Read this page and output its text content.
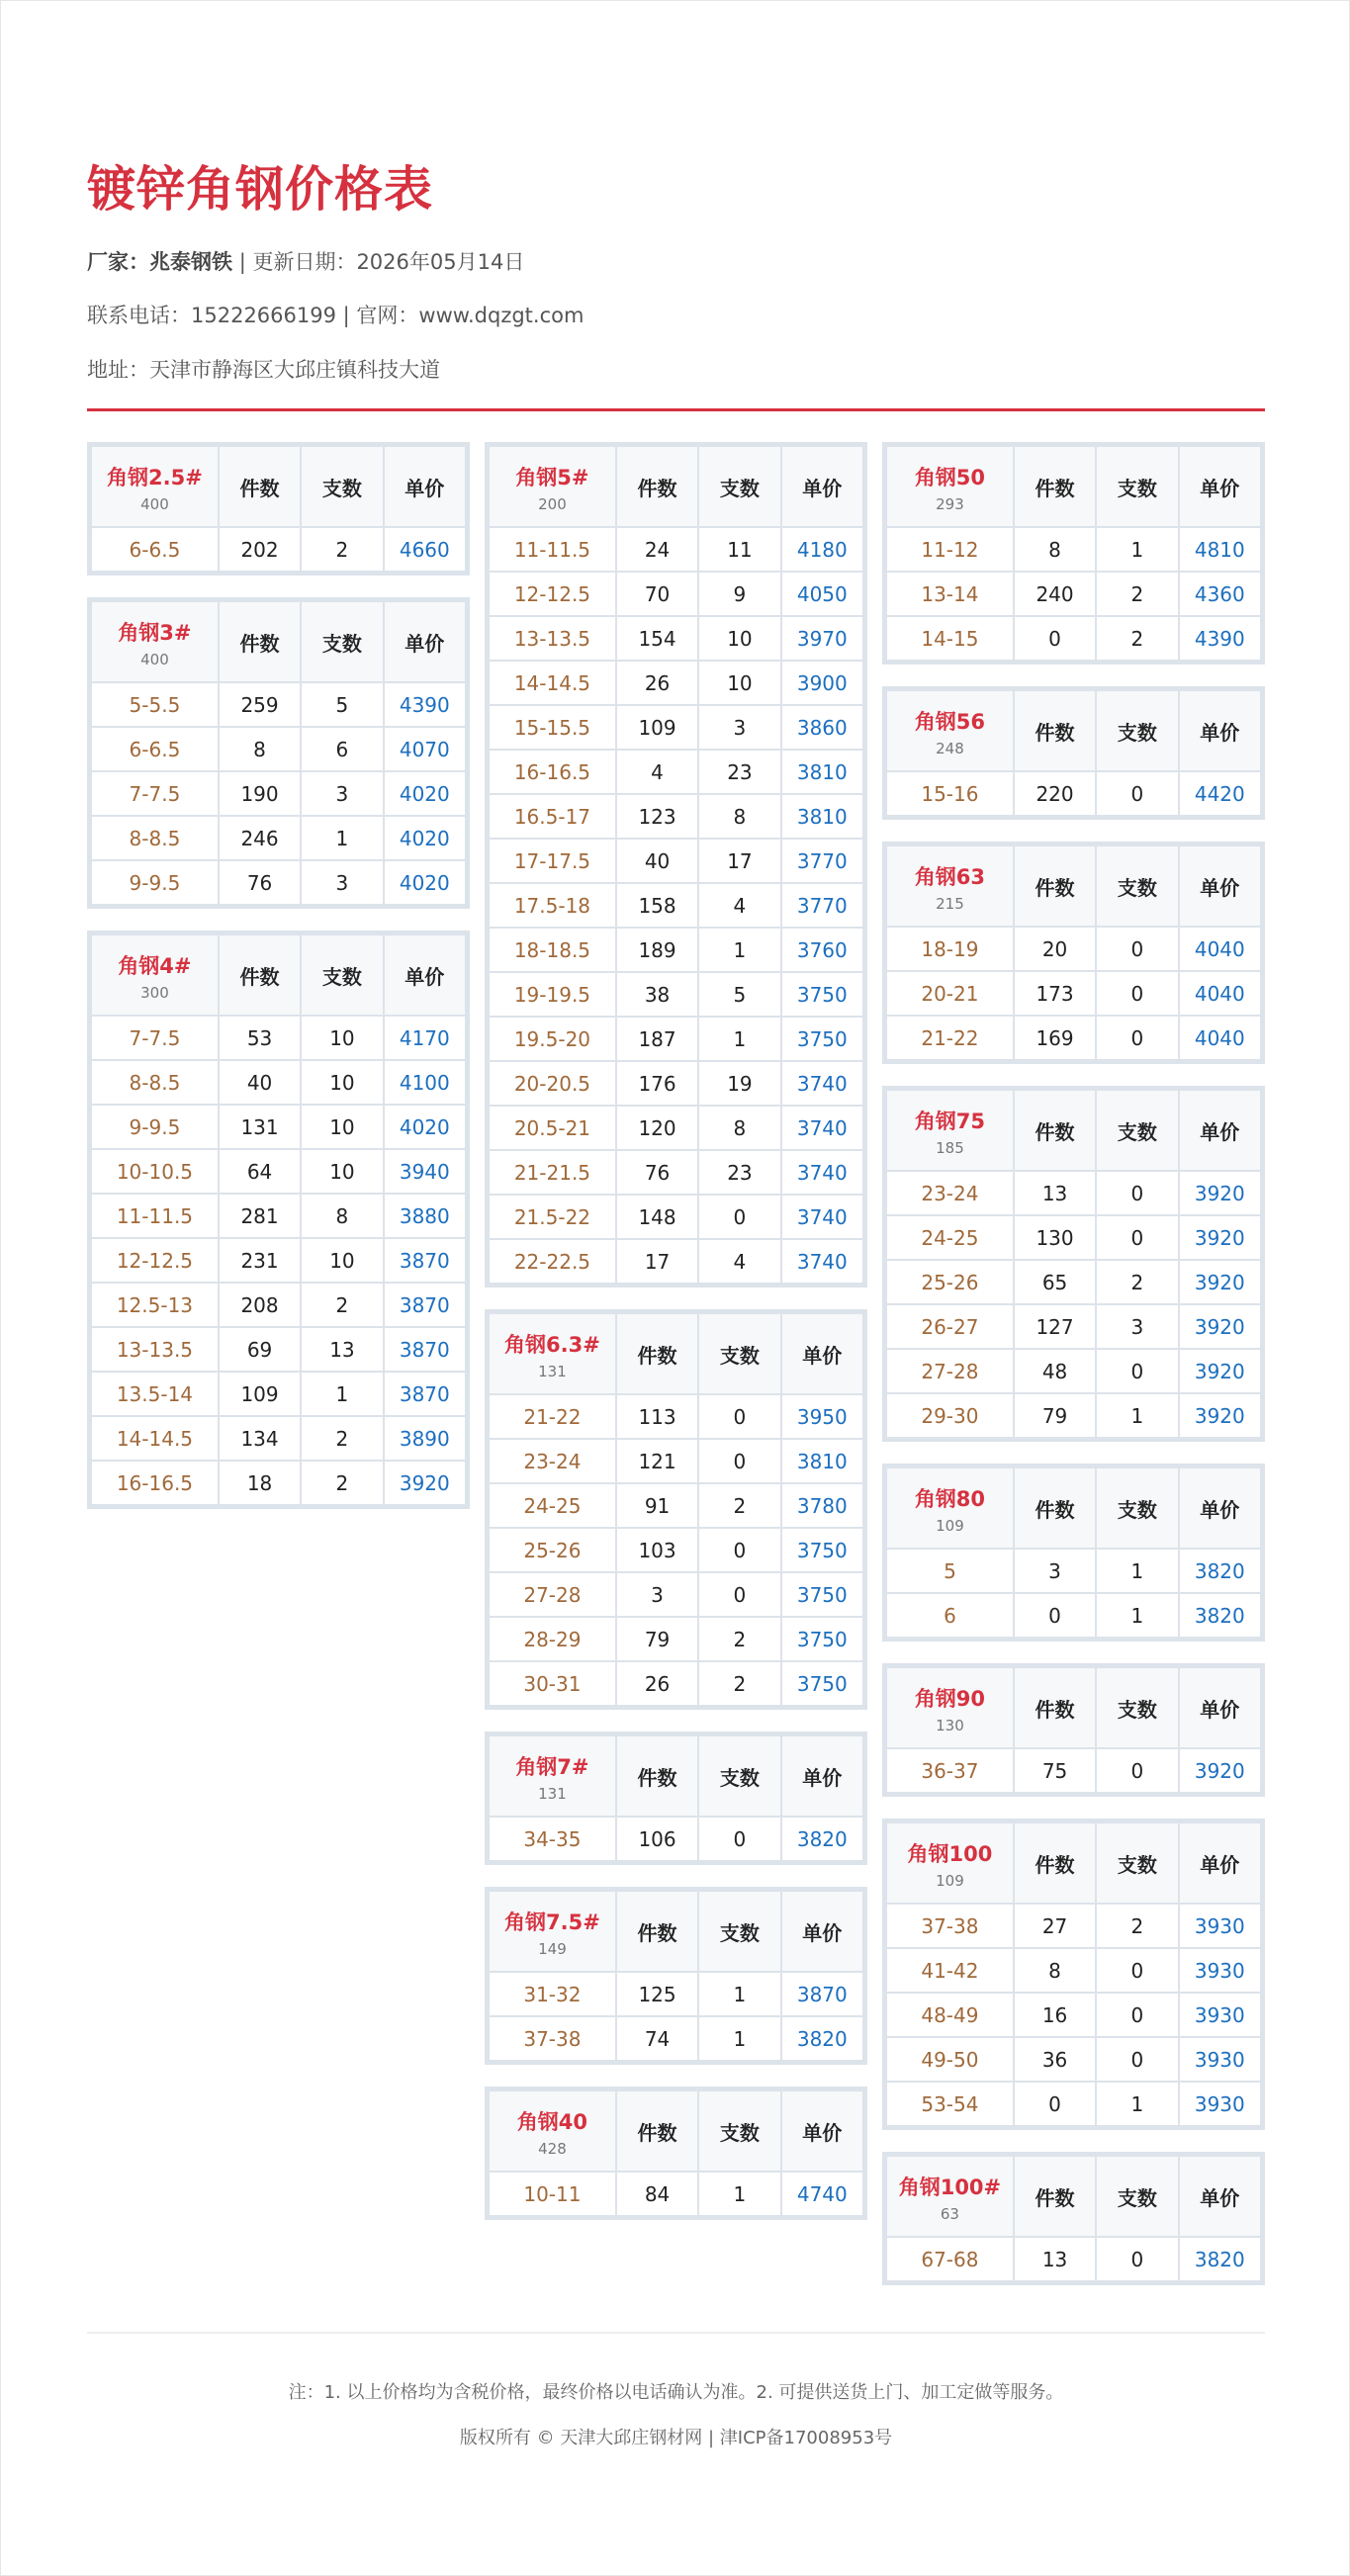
镀锌角钢价格表
厂家：兆泰钢铁 | 更新日期：2026年05月14日
联系电话：15222666199 | 官网：www.dqzgt.com
地址：天津市静海区大邱庄镇科技大道
角钢2.5#
400	件数	支数	单价
6-6.5	202	2	4660
角钢3#
400	件数	支数	单价
5-5.5	259	5	4390
6-6.5	8	6	4070
7-7.5	190	3	4020
8-8.5	246	1	4020
9-9.5	76	3	4020
角钢4#
300	件数	支数	单价
7-7.5	53	10	4170
8-8.5	40	10	4100
9-9.5	131	10	4020
10-10.5	64	10	3940
11-11.5	281	8	3880
12-12.5	231	10	3870
12.5-13	208	2	3870
13-13.5	69	13	3870
13.5-14	109	1	3870
14-14.5	134	2	3890
16-16.5	18	2	3920
角钢5#
200	件数	支数	单价
11-11.5	24	11	4180
12-12.5	70	9	4050
13-13.5	154	10	3970
14-14.5	26	10	3900
15-15.5	109	3	3860
16-16.5	4	23	3810
16.5-17	123	8	3810
17-17.5	40	17	3770
17.5-18	158	4	3770
18-18.5	189	1	3760
19-19.5	38	5	3750
19.5-20	187	1	3750
20-20.5	176	19	3740
20.5-21	120	8	3740
21-21.5	76	23	3740
21.5-22	148	0	3740
22-22.5	17	4	3740
角钢6.3#
131	件数	支数	单价
21-22	113	0	3950
23-24	121	0	3810
24-25	91	2	3780
25-26	103	0	3750
27-28	3	0	3750
28-29	79	2	3750
30-31	26	2	3750
角钢7#
131	件数	支数	单价
34-35	106	0	3820
角钢7.5#
149	件数	支数	单价
31-32	125	1	3870
37-38	74	1	3820
角钢40
428	件数	支数	单价
10-11	84	1	4740
角钢50
293	件数	支数	单价
11-12	8	1	4810
13-14	240	2	4360
14-15	0	2	4390
角钢56
248	件数	支数	单价
15-16	220	0	4420
角钢63
215	件数	支数	单价
18-19	20	0	4040
20-21	173	0	4040
21-22	169	0	4040
角钢75
185	件数	支数	单价
23-24	13	0	3920
24-25	130	0	3920
25-26	65	2	3920
26-27	127	3	3920
27-28	48	0	3920
29-30	79	1	3920
角钢80
109	件数	支数	单价
5	3	1	3820
6	0	1	3820
角钢90
130	件数	支数	单价
36-37	75	0	3920
角钢100
109	件数	支数	单价
37-38	27	2	3930
41-42	8	0	3930
48-49	16	0	3930
49-50	36	0	3930
53-54	0	1	3930
角钢100#
63	件数	支数	单价
67-68	13	0	3820
注：1. 以上价格均为含税价格，最终价格以电话确认为准。2. 可提供送货上门、加工定做等服务。
版权所有 © 天津大邱庄钢材网 | 津ICP备17008953号
